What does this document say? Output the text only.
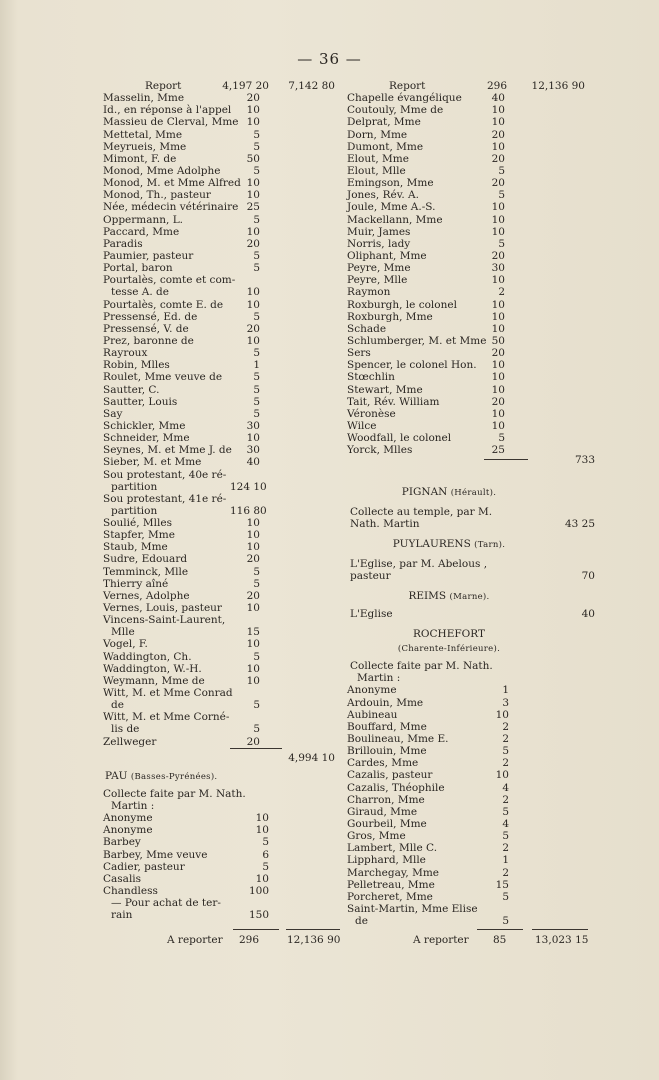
— 36 —
Report	4,197 20	7,142 80
Masselin, Mme	20
Id., en réponse à l'appel	10
Massieu de Clerval, Mme 10
Mettetal, Mme	5
Meyrueis, Mme	5
Mimont, F. de	50
Monod, Mme Adolphe	5
Monod, M. et Mme Alfred 10
Monod, Th., pasteur	10
Née, médecin vétérinaire 25
Oppermann, L.	5
Paccard, Mme	10
Paradis	20
Paumier, pasteur	5
Portal, baron	5
Pourtalès, comte et com-
tesse A. de	10
Pourtalès, comte E. de	10
Pressensé, Ed. de	5
Pressensé, V. de	20
Prez, baronne de	10
Rayroux	5
Robin, Mlles	1
Roulet, Mme veuve de	5
Sautter, C.	5
Sautter, Louis	5
Say	5
Schickler, Mme	30
Schneider, Mme	10
Seynes, M. et Mme J. de	30
Sieber, M. et Mme	40
Sou protestant, 40e ré-
partition	124 10
Sou protestant, 41e ré-
partition	116 80
Soulié, Mlles	10
Stapfer, Mme	10
Staub, Mme	10
Sudre, Edouard	20
Temminck, Mlle	5
Thierry aîné	5
Vernes, Adolphe	20
Vernes, Louis, pasteur	10
Vincens-Saint-Laurent,
Mlle	15
Vogel, F.	10
Waddington, Ch.	5
Waddington, W.-H.	10
Weymann, Mme de	10
Witt, M. et Mme Conrad
de	5
Witt, M. et Mme Corné-
lis de	5
Zellweger	20
4,994 10
PAU (Basses-Pyrénées).
Collecte faite par M. Nath.
Martin :
Anonyme	10
Anonyme	10
Barbey	5
Barbey, Mme veuve	6
Cadier, pasteur	5
Casalis	10
Chandless	100
— Pour achat de ter-
rain	150
Report	296	12,136 90
Chapelle évangélique	40
Coutouly, Mme de	10
Delprat, Mme	10
Dorn, Mme	20
Dumont, Mme	10
Elout, Mme	20
Elout, Mlle	5
Emingson, Mme	20
Jones, Rév. A.	5
Joule, Mme A.-S.	10
Mackellann, Mme	10
Muir, James	10
Norris, lady	5
Oliphant, Mme	20
Peyre, Mme	30
Peyre, Mlle	10
Raymon	2
Roxburgh, le colonel	10
Roxburgh, Mme	10
Schade	10
Schlumberger, M. et Mme 50
Sers	20
Spencer, le colonel Hon.	10
Stœchlin	10
Stewart, Mme	10
Tait, Rév. William	20
Véronèse	10
Wilce	10
Woodfall, le colonel	5
Yorck, Mlles	25
733
PIGNAN (Hérault).
Collecte au temple, par M.
Nath. Martin	43 25
PUYLAURENS (Tarn).
L'Eglise, par M. Abelous ,
pasteur	70
REIMS (Marne).
L'Eglise	40
ROCHEFORT
(Charente-Inférieure).
Collecte faite par M. Nath.
Martin :
Anonyme	1
Ardouin, Mme	3
Aubineau	10
Bouffard, Mme	2
Boulineau, Mme E.	2
Brillouin, Mme	5
Cardes, Mme	2
Cazalis, pasteur	10
Cazalis, Théophile	4
Charron, Mme	2
Giraud, Mme	5
Gourbeil, Mme	4
Gros, Mme	5
Lambert, Mlle C.	2
Lipphard, Mlle	1
Marchegay, Mme	2
Pelletreau, Mme	15
Porcheret, Mme	5
Saint-Martin, Mme Elise
de	5
A reporter 296	12,136 90	A reporter 85	13,023 15
